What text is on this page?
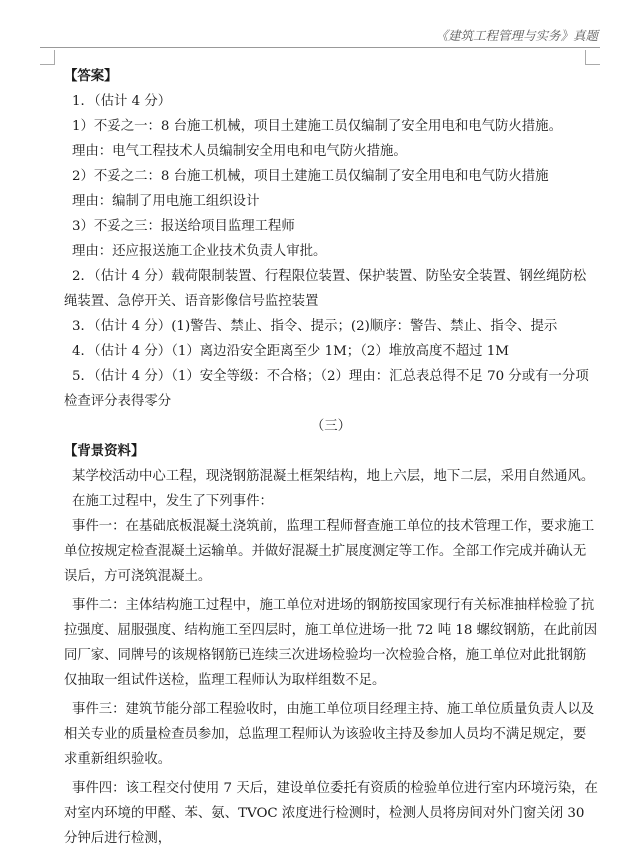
《建筑工程管理与实务》真题

【答案】

1．（估计 4 分）

1）不妥之一：8 台施工机械，项目土建施工员仅编制了安全用电和电气防火措施。

理由：电气工程技术人员编制安全用电和电气防火措施。

2）不妥之二：8 台施工机械，项目土建施工员仅编制了安全用电和电气防火措施

理由：编制了用电施工组织设计

3）不妥之三：报送给项目监理工程师

理由：还应报送施工企业技术负责人审批。

2．（估计 4 分）载荷限制装置、行程限位装置、保护装置、防坠安全装置、钢丝绳防松绳装置、急停开关、语音影像信号监控装置

3．（估计 4 分）(1)警告、禁止、指令、提示；(2)顺序：警告、禁止、指令、提示

4．（估计 4 分）（1）离边沿安全距离至少 1M；（2）堆放高度不超过 1M

5．（估计 4 分）（1）安全等级：不合格；（2）理由：汇总表总得不足 70 分或有一分项检查评分表得零分

（三）

【背景资料】

某学校活动中心工程，现浇钢筋混凝土框架结构，地上六层，地下二层，采用自然通风。

在施工过程中，发生了下列事件：

事件一：在基础底板混凝土浇筑前，监理工程师督查施工单位的技术管理工作，要求施工单位按规定检查混凝土运输单。并做好混凝土扩展度测定等工作。全部工作完成并确认无误后，方可浇筑混凝土。

事件二：主体结构施工过程中，施工单位对进场的钢筋按国家现行有关标准抽样检验了抗拉强度、屈服强度、结构施工至四层时，施工单位进场一批 72 吨 18 螺纹钢筋，在此前因同厂家、同牌号的该规格钢筋已连续三次进场检验均一次检验合格，施工单位对此批钢筋仅抽取一组试件送检，监理工程师认为取样组数不足。

事件三：建筑节能分部工程验收时，由施工单位项目经理主持、施工单位质量负责人以及相关专业的质量检查员参加，总监理工程师认为该验收主持及参加人员均不满足规定，要求重新组织验收。

事件四：该工程交付使用 7 天后，建设单位委托有资质的检验单位进行室内环境污染，在对室内环境的甲醛、苯、氨、TVOC 浓度进行检测时，检测人员将房间对外门窗关闭 30 分钟后进行检测，
